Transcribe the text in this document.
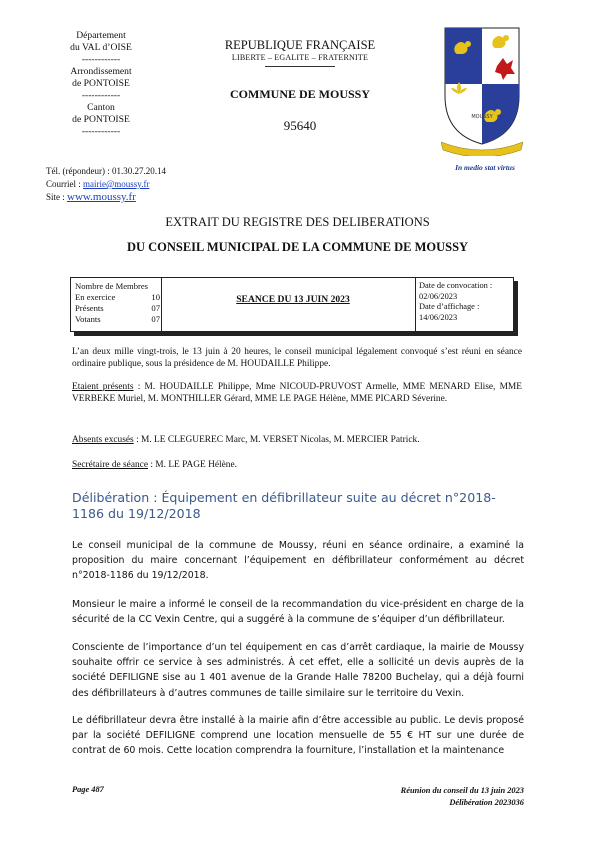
Département
du VAL d’OISE
------------
Arrondissement
de PONTOISE
------------
Canton
de PONTOISE
------------
Tél. (répondeur) : 01.30.27.20.14
Courriel : mairie@moussy.fr
Site : www.moussy.fr
REPUBLIQUE FRANÇAISE
LIBERTE – EGALITE – FRATERNITE
COMMUNE DE MOUSSY
95640
MOUSSY
In medio stat virtus
EXTRAIT DU REGISTRE DES DELIBERATIONS
DU CONSEIL MUNICIPAL DE LA COMMUNE DE MOUSSY
Nombre de Membres
En exercice	10
Présents	07
Votants	07
SEANCE DU 13 JUIN 2023
Date de convocation :
02/06/2023
Date d’affichage :
14/06/2023
L’an deux mille vingt-trois, le 13 juin à 20 heures, le conseil municipal légalement convoqué s’est réuni en séance ordinaire publique, sous la présidence de M. HOUDAILLE Philippe.
Etaient présents : M. HOUDAILLE Philippe, Mme NICOUD-PRUVOST Armelle, MME MENARD Elise, MME VERBEKE Muriel, M. MONTHILLER Gérard, MME LE PAGE Hélène, MME PICARD Séverine.
Absents excusés : M. LE CLEGUEREC Marc, M. VERSET Nicolas, M. MERCIER Patrick.
Secrétaire de séance : M. LE PAGE Hélène.
Délibération : Équipement en défibrillateur suite au décret n°2018-1186 du 19/12/2018
Le conseil municipal de la commune de Moussy, réuni en séance ordinaire, a examiné la proposition du maire concernant l’équipement en défibrillateur conformément au décret n°2018-1186 du 19/12/2018.
Monsieur le maire a informé le conseil de la recommandation du vice-président en charge de la sécurité de la CC Vexin Centre, qui a suggéré à la commune de s’équiper d’un défibrillateur.
Consciente de l’importance d’un tel équipement en cas d’arrêt cardiaque, la mairie de Moussy souhaite offrir ce service à ses administrés. À cet effet, elle a sollicité un devis auprès de la société DEFILIGNE sise au 1 401 avenue de la Grande Halle 78200 Buchelay, qui a déjà fourni des défibrillateurs à d’autres communes de taille similaire sur le territoire du Vexin.
Le défibrillateur devra être installé à la mairie afin d’être accessible au public. Le devis proposé par la société DEFILIGNE comprend une location mensuelle de 55 € HT sur une durée de contrat de 60 mois. Cette location comprendra la fourniture, l’installation et la maintenance
Page 487	Réunion du conseil du 13 juin 2023
Délibération 2023036
